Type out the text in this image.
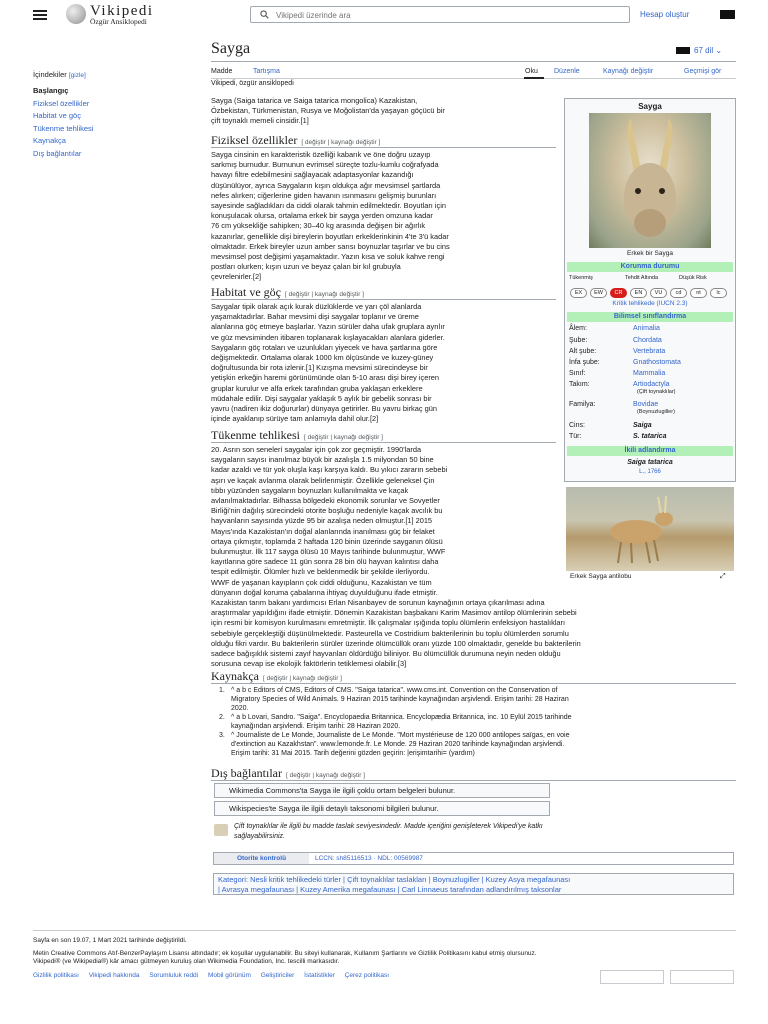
Vikipedi
Özgür Ansiklopedi
Vikipedi üzerinde ara
Hesap oluştur
Sayga	67 dil ⌄
Madde	Tartışma	Oku Düzenle	Kaynağı değiştir	Geçmişi gör
Vikipedi, özgür ansiklopedi
İçindekiler [gizle]
Başlangıç
Fiziksel özellikler
Habitat ve göç
Tükenme tehlikesi
Kaynakça
Dış bağlantılar
Sayga (Saiga tatarica ve Saiga tatarica mongolica) Kazakistan,
Özbekistan, Türkmenistan, Rusya ve Moğolistan'da yaşayan göçücü bir
çift toynaklı memeli cinsidir.[1]
Fiziksel özellikler [ değiştir | kaynağı değiştir ]
Sayga cinsinin en karakteristik özelliği kabarık ve öne doğru uzayıp
sarkmış burnudur. Burnunun evrimsel süreçte tozlu-kumlu coğrafyada
havayı filtre edebilmesini sağlayacak adaptasyonlar kazandığı
düşünülüyor, ayrıca Saygaların kışın oldukça ağır mevsimsel şartlarda
nefes alırken; ciğerlerine giden havanın ısınmasını gelişmiş burunları
sayesinde sağladıkları da ciddi olarak tahmin edilmektedir. Boyutları için
konuşulacak olursa, ortalama erkek bir sayga yerden omzuna kadar
76 cm yüksekliğe sahipken; 30–40 kg arasında değişen bir ağırlık
kazanırlar, genellikle dişi bireylerin boyutları erkeklerinkinin 4'te 3'ü kadar
olmaktadır. Erkek bireyler uzun amber sarısı boynuzlar taşırlar ve bu cins
mevsimsel post değişimi yaşamaktadır. Yazın kısa ve soluk kahve rengi
postları olurken; kışın uzun ve beyaz çalan bir kıl grubuyla
çevrelenirler.[2]
Habitat ve göç [ değiştir | kaynağı değiştir ]
Saygalar tipik olarak açık kurak düzlüklerde ve yarı çöl alanlarda
yaşamaktadırlar. Bahar mevsimi dişi saygalar toplanır ve üreme
alanlarına göç etmeye başlarlar. Yazın sürüler daha ufak gruplara ayrılır
ve güz mevsiminden itibaren toplanarak kışlayacakları alanlara giderler.
Saygaların göç rotaları ve uzunlukları yiyecek ve hava şartlarına göre
değişmektedir. Ortalama olarak 1000 km ölçüsünde ve kuzey-güney
doğrultusunda bir rota izlenir.[1] Kızışma mevsimi sürecindeyse bir
yetişkin erkeğin haremi görünümünde olan 5-10 arası dişi birey içeren
gruplar kurulur ve alfa erkek tarafından gruba yaklaşan erkeklere
müdahale edilir. Dişi saygalar yaklaşık 5 aylık bir gebelik sonrası bir
yavru (nadiren ikiz doğururlar) dünyaya getirirler. Bu yavru birkaç gün
içinde ayaklanıp sürüye tam anlamıyla dahil olur.[2]
Tükenme tehlikesi [ değiştir | kaynağı değiştir ]
20. Asrın son senelerí saygalar için çok zor geçmiştir. 1990'larda
saygaların sayısı inanılmaz büyük bir azalışla 1.5 milyondan 50 bine
kadar azaldı ve tür yok oluşla kaşı karşıya kaldı. Bu yıkıcı zararın sebebi
aşırı ve kaçak avlanma olarak belirlenmiştir. Özellikle geleneksel Çin
tıbbı yüzünden saygaların boynuzları kullanılmakta ve kaçak
avlanılmaktadırlar. Bilhassa bölgedeki ekonomik sorunlar ve Sovyetler
Birliği'nin dağılış sürecindeki otorite boşluğu nedeniyle kaçak avcılık bu
hayvanların sayısında yüzde 95 bir azalışa neden olmuştur.[1] 2015
Mayıs'ında Kazakistan'ın doğal alanlarında inanılması güç bir felaket
ortaya çıkmıştır, toplamda 2 haftada 120 binin üzerinde sayganın ölüsü
bulunmuştur. İlk 117 sayga ölüsü 10 Mayıs tarihinde bulunmuştur, WWF
kayıtlarına göre sadece 11 gün sonra 28 bin ölü hayvan kalıntısı daha
tespit edilmiştir. Ölümler hızlı ve beklenmedik bir şekilde ilerliyordu.
WWF de yaşanan kayıpların çok ciddi olduğunu, Kazakistan ve tüm
dünyanın doğal koruma çabalarına ihtiyaç duyulduğunu ifade etmiştir.
Kazakistan tarım bakanı yardımcısı Erlan Nisanbayev de sorunun kaynağının ortaya çıkarılması adına
araştırmalar yapıldığını ifade etmiştir. Dönemin Kazakistan başbakanı Karim Masimov antilop ölümlerinin sebebi
için resmi bir komisyon kurulmasını emretmiştir. İlk çalışmalar ışığında toplu ölümlerin enfeksiyon hastalıkları
sebebiyle gerçekleştiği düşünülmektedir. Pasteurella ve Costridium bakterilerinin bu toplu ölümlerden sorumlu
olduğu fikri vardır. Bu bakterilerin sürüler üzerinde ölümcüllük oranı yüzde 100 olmaktadır, genelde bu bakterilerin
sadece bağışıklık sistemi zayıf hayvanları öldürdüğü biliniyor. Bu ölümcüllük durumuna neyin neden olduğu
sorusuna cevap ise ekolojik faktörlerin tetiklemesi olabilir.[3]
Kaynakça [ değiştir | kaynağı değiştir ]
1. ^ a b c Editors of CMS, Editors of CMS. "Saiga tatarica". www.cms.int. Convention on the Conservation of
Migratory Species of Wild Animals. 9 Haziran 2015 tarihinde kaynağından arşivlendi. Erişim tarihi: 28 Haziran
2020.
2. ^ a b Lovari, Sandro. "Saiga". Encyclopaedia Britannica. Encyclopædia Britannica, inc. 10 Eylül 2015 tarihinde
kaynağından arşivlendi. Erişim tarihi: 28 Haziran 2020.
3. ^ Journaliste de Le Monde, Journaliste de Le Monde. "Mort mystérieuse de 120 000 antilopes saïgas, en voie
d'extinction au Kazakhstan". www.lemonde.fr. Le Monde. 29 Haziran 2020 tarihinde kaynağından arşivlendi.
Erişim tarihi: 31 Mai 2015. Tarih değerini gözden geçirin: |erişimtarihi= (yardım)
Dış bağlantılar [ değiştir | kaynağı değiştir ]
Wikimedia Commons'ta Sayga ile ilgili çoklu ortam belgeleri bulunur.
Wikispecies'te Sayga ile ilgili detaylı taksonomi bilgileri bulunur.
Çift toynaklılar ile ilgili bu madde taslak seviyesindedir. Madde içeriğini genişleterek Vikipedi'ye katkı
sağlayabilirsiniz.
Otorite kontrolü	LCCN: sh85116513 · NDL: 00569987
Kategori: Nesli kritik tehlikedeki türler | Çift toynaklılar taslakları | Boynuzlugiller | Kuzey Asya megafaunası
| Avrasya megafaunası | Kuzey Amerika megafaunası | Carl Linnaeus tarafından adlandırılmış taksonlar
Sayga
Erkek bir Sayga
Korunma durumu
Tükenmiş	Tehdit Altında	Düşük Risk
EX	EW	CR	EN	VU	cd	nt	lc
Kritik tehlikede (IUCN 2.3)
Bilimsel sınıflandırma
Âlem:	Animalia
Şube:	Chordata
Alt şube:	Vertebrata
İnfa şube:	Gnathostomata
Sınıf:	Mammalia
Takım:	Artiodactyla
(Çift toynaklılar)
Familya:	Bovidae
(Boynuzlugiller)
Cins:	Saiga
Tür:	S. tatarica
İkili adlandırma
Saiga tatarica
L., 1766
Erkek Sayga antilobu	⤢
Sayfa en son 19.07, 1 Mart 2021 tarihinde değiştirildi.
Metin Creative Commons Atıf-BenzerPaylaşım Lisansı altındadır; ek koşullar uygulanabilir. Bu siteyi kullanarak, Kullanım Şartlarını ve Gizlilik Politikasını kabul etmiş olursunuz.
Vikipedi® (ve Wikipedia®) kâr amacı gütmeyen kuruluş olan Wikimedia Foundation, Inc. tescilli markasıdır.
Gizlilik politikası Vikipedi hakkında Sorumluluk reddi Mobil görünüm Geliştiriciler İstatistikler Çerez politikası
